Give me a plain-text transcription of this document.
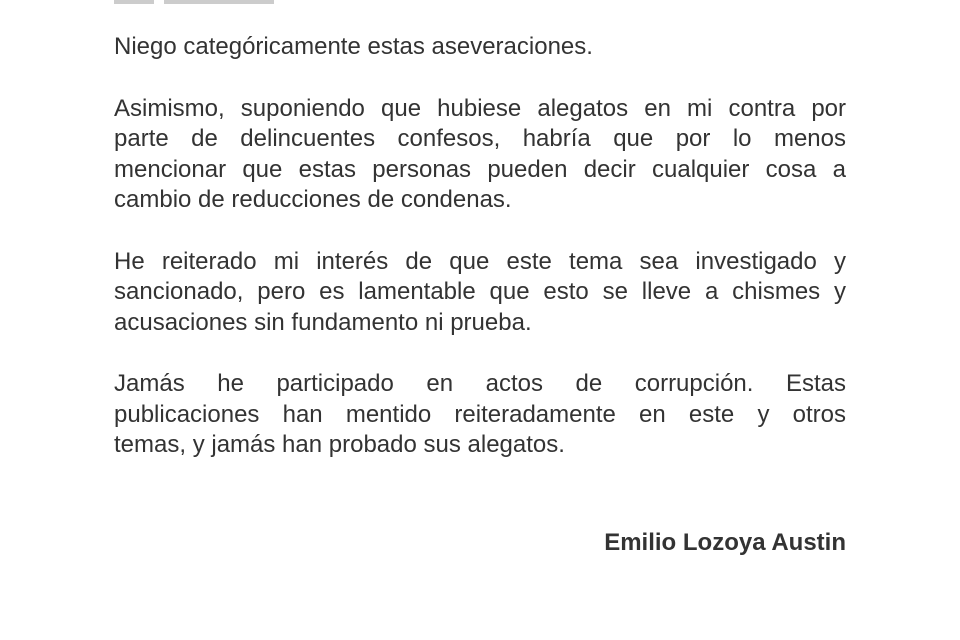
Niego categóricamente estas aseveraciones.
Asimismo, suponiendo que hubiese alegatos en mi contra por
parte de delincuentes confesos, habría que por lo menos
mencionar que estas personas pueden decir cualquier cosa a
cambio de reducciones de condenas.
He reiterado mi interés de que este tema sea investigado y
sancionado, pero es lamentable que esto se lleve a chismes y
acusaciones sin fundamento ni prueba.
Jamás he participado en actos de corrupción. Estas
publicaciones han mentido reiteradamente en este y otros
temas, y jamás han probado sus alegatos.
Emilio Lozoya Austin
